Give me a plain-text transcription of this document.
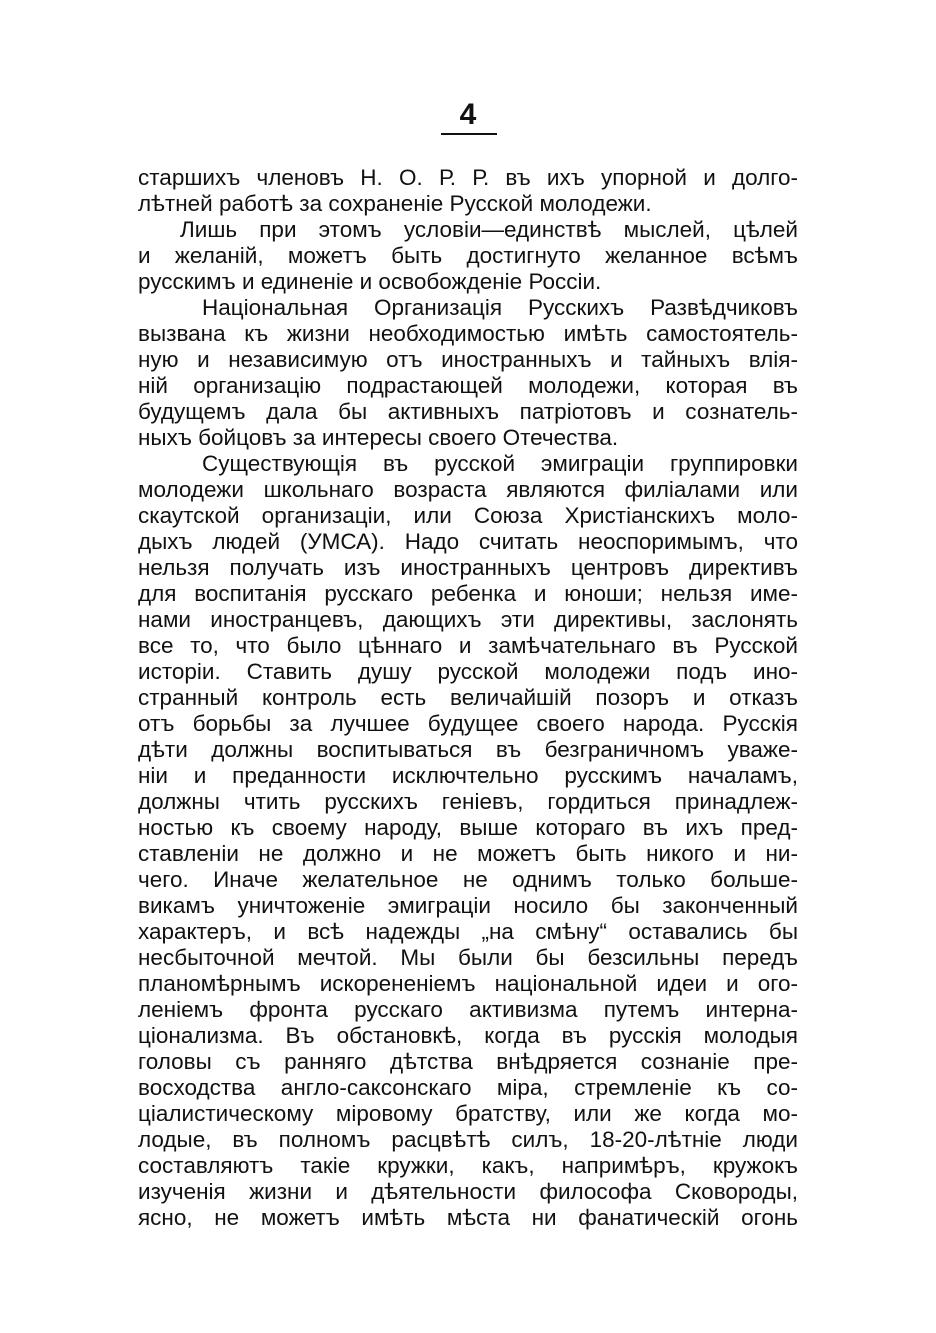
4
старшихъ членовъ Н. О. Р. Р. въ ихъ упорной и долго-
лѣтней работѣ за сохраненіе Русской молодежи.
Лишь при этомъ условіи—единствѣ мыслей, цѣлей
и желаній, можетъ быть достигнуто желанное всѣмъ
русскимъ и единеніе и освобожденіе Россіи.
Національная Организація Русскихъ Развѣдчиковъ
вызвана къ жизни необходимостью имѣть самостоятель-
ную и независимую отъ иностранныхъ и тайныхъ влія-
ній организацію подрастающей молодежи, которая въ
будущемъ дала бы активныхъ патріотовъ и сознатель-
ныхъ бойцовъ за интересы своего Отечества.
Существующія въ русской эмиграціи группировки
молодежи школьнаго возраста являются филіалами или
скаутской организаціи, или Союза Христіанскихъ моло-
дыхъ людей (УМСА). Надо считать неоспоримымъ, что
нельзя получать изъ иностранныхъ центровъ директивъ
для воспитанія русскаго ребенка и юноши; нельзя име-
нами иностранцевъ, дающихъ эти директивы, заслонять
все то, что было цѣннаго и замѣчательнаго въ Русской
исторіи. Ставить душу русской молодежи подъ ино-
странный контроль есть величайшій позоръ и отказъ
отъ борьбы за лучшее будущее своего народа. Русскія
дѣти должны воспитываться въ безграничномъ уваже-
ніи и преданности исключтельно русскимъ началамъ,
должны чтить русскихъ геніевъ, гордиться принадлеж-
ностью къ своему народу, выше котораго въ ихъ пред-
ставленіи не должно и не можетъ быть никого и ни-
чего. Иначе желательное не однимъ только больше-
викамъ уничтоженіе эмиграціи носило бы законченный
характеръ, и всѣ надежды „на смѣну“ оставались бы
несбыточной мечтой. Мы были бы безсильны передъ
планомѣрнымъ искорененіемъ національной идеи и ого-
леніемъ фронта русскаго активизма путемъ интерна-
ціонализма. Въ обстановкѣ, когда въ русскія молодыя
головы съ ранняго дѣтства внѣдряется сознаніе пре-
восходства англо-саксонскаго міра, стремленіе къ со-
ціалистическому міровому братству, или же когда мо-
лодые, въ полномъ расцвѣтѣ силъ, 18-20-лѣтніе люди
составляютъ такіе кружки, какъ, напримѣръ, кружокъ
изученія жизни и дѣятельности философа Сковороды,
ясно, не можетъ имѣть мѣста ни фанатическій огонь
